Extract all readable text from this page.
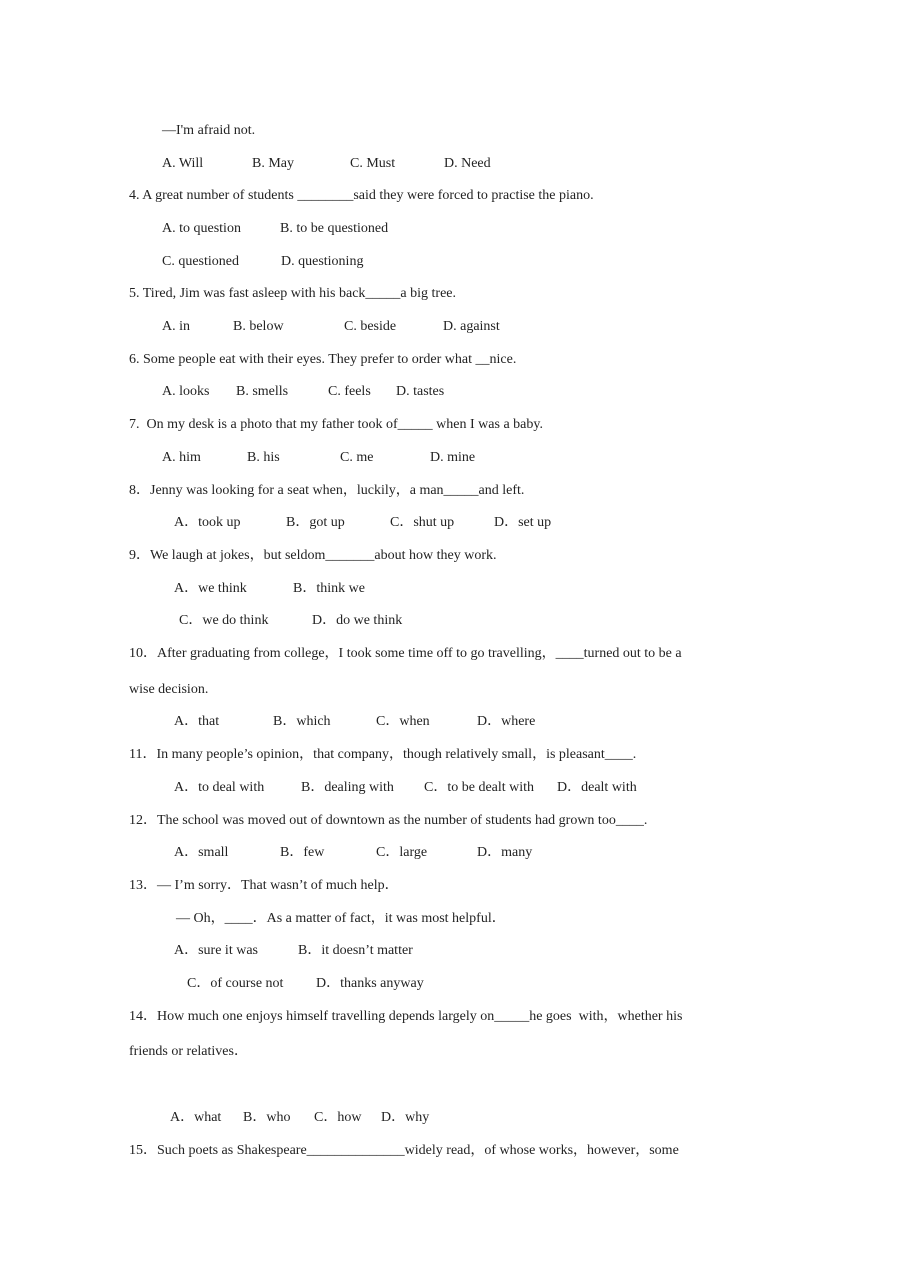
—I'm afraid not.
A. Will	B. May	C. Must	D. Need
4. A great number of students ________said they were forced to practise the piano.
A. to question	B. to be questioned
C. questioned	D. questioning
5. Tired, Jim was fast asleep with his back_____a big tree.
A. in	B. below	C. beside	D. against
6. Some people eat with their eyes. They prefer to order what __nice.
A. looks B. smells	C. feels D. tastes
7.  On my desk is a photo that my father took of_____ when I was a baby.
A. him	B. his	C. me	D. mine
8．Jenny was looking for a seat when，luckily，a man_____and left.
A．took up	B．got up	C．shut up	D．set up
9．We laugh at jokes，but seldom_______about how they work.
A．we think	B．think we
C．we do think	D．do we think
10．After graduating from college，I took some time off to go travelling，____turned out to be a
wise decision.
A．that	B．which	C．when	D．where
11．In many people’s opinion，that company，though relatively small，is pleasant____.
A．to deal with	B．dealing with C．to be dealt with D．dealt with
12．The school was moved out of downtown as the number of students had grown too____.
A．small	B．few	C．large	D．many
13．— I’m sorry．That wasn’t of much help．
— Oh，____．As a matter of fact，it was most helpful．
A．sure it was	B．it doesn’t matter
C．of course not D．thanks anyway
14．How much one enjoys himself travelling depends largely on_____he goes  with，whether his
friends or relatives．
A．what B．who C．how D．why
15．Such poets as Shakespeare______________widely read，of whose works，however，some
